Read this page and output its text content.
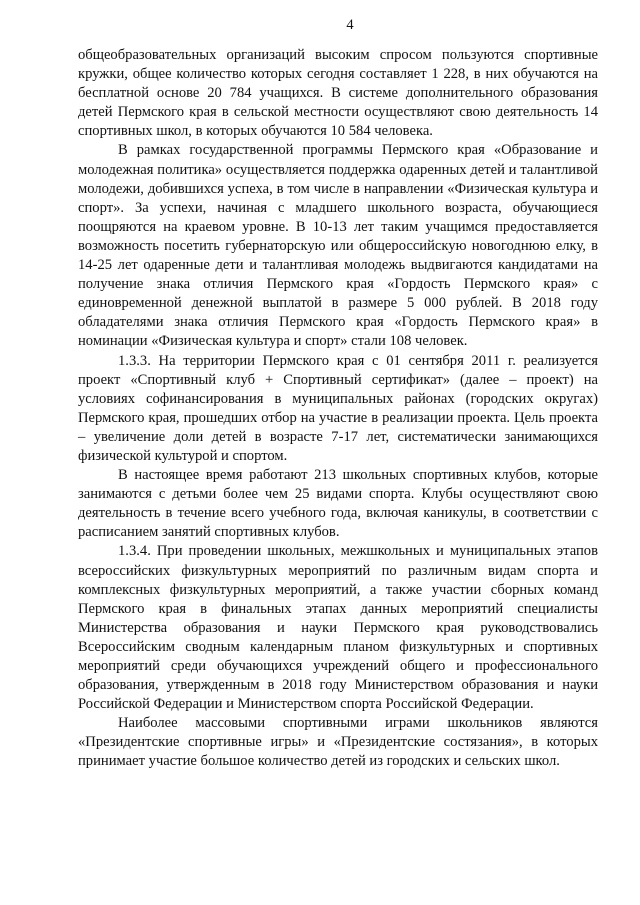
4

общеобразовательных организаций высоким спросом пользуются спортивные кружки, общее количество которых сегодня составляет 1 228, в них обучаются на бесплатной основе 20 784 учащихся. В системе дополнительного образования детей Пермского края в сельской местности осуществляют свою деятельность 14 спортивных школ, в которых обучаются 10 584 человека.

В рамках государственной программы Пермского края «Образование и молодежная политика» осуществляется поддержка одаренных детей и талантливой молодежи, добившихся успеха, в том числе в направлении «Физическая культура и спорт». За успехи, начиная с младшего школьного возраста, обучающиеся поощряются на краевом уровне. В 10-13 лет таким учащимся предоставляется возможность посетить губернаторскую или общероссийскую новогоднюю елку, в 14-25 лет одаренные дети и талантливая молодежь выдвигаются кандидатами на получение знака отличия Пермского края «Гордость Пермского края» с единовременной денежной выплатой в размере 5 000 рублей. В 2018 году обладателями знака отличия Пермского края «Гордость Пермского края» в номинации «Физическая культура и спорт» стали 108 человек.

1.3.3. На территории Пермского края с 01 сентября 2011 г. реализуется проект «Спортивный клуб + Спортивный сертификат» (далее – проект) на условиях софинансирования в муниципальных районах (городских округах) Пермского края, прошедших отбор на участие в реализации проекта. Цель проекта – увеличение доли детей в возрасте 7-17 лет, систематически занимающихся физической культурой и спортом.

В настоящее время работают 213 школьных спортивных клубов, которые занимаются с детьми более чем 25 видами спорта. Клубы осуществляют свою деятельность в течение всего учебного года, включая каникулы, в соответствии с расписанием занятий спортивных клубов.

1.3.4. При проведении школьных, межшкольных и муниципальных этапов всероссийских физкультурных мероприятий по различным видам спорта и комплексных физкультурных мероприятий, а также участии сборных команд Пермского края в финальных этапах данных мероприятий специалисты Министерства образования и науки Пермского края руководствовались Всероссийским сводным календарным планом физкультурных и спортивных мероприятий среди обучающихся учреждений общего и профессионального образования, утвержденным в 2018 году Министерством образования и науки Российской Федерации и Министерством спорта Российской Федерации.

Наиболее массовыми спортивными играми школьников являются «Президентские спортивные игры» и «Президентские состязания», в которых принимает участие большое количество детей из городских и сельских школ.
